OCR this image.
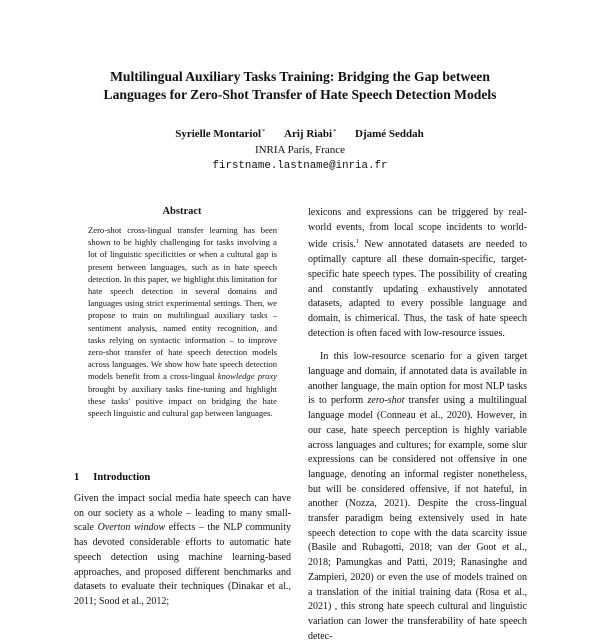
Multilingual Auxiliary Tasks Training: Bridging the Gap between
Languages for Zero-Shot Transfer of Hate Speech Detection Models
Syrielle Montariol* Arij Riabi* Djamé Seddah
INRIA Paris, France
firstname.lastname@inria.fr
Abstract
Zero-shot cross-lingual transfer learning has been shown to be highly challenging for tasks involving a lot of linguistic specificities or when a cultural gap is present between languages, such as in hate speech detection. In this paper, we highlight this limitation for hate speech detection in several domains and languages using strict experimental settings. Then, we propose to train on multilingual auxiliary tasks – sentiment analysis, named entity recognition, and tasks relying on syntactic information – to improve zero-shot transfer of hate speech detection models across languages. We show how hate speech detection models benefit from a cross-lingual knowledge proxy brought by auxiliary tasks fine-tuning and highlight these tasks' positive impact on bridging the hate speech linguistic and cultural gap between languages.
1 Introduction
Given the impact social media hate speech can have on our society as a whole – leading to many small-scale Overton window effects – the NLP community has devoted considerable efforts to automatic hate speech detection using machine learning-based approaches, and proposed different benchmarks and datasets to evaluate their techniques (Dinakar et al., 2011; Sood et al., 2012;

lexicons and expressions can be triggered by real-world events, from local scope incidents to world-wide crisis.$^1$ New annotated datasets are needed to optimally capture all these domain-specific, target-specific hate speech types. The possibility of creating and constantly updating exhaustively annotated datasets, adapted to every possible language and domain, is chimerical. Thus, the task of hate speech detection is often faced with low-resource issues.

In this low-resource scenario for a given target language and domain, if annotated data is available in another language, the main option for most NLP tasks is to perform zero-shot transfer using a multilingual language model (Conneau et al., 2020). However, in our case, hate speech perception is highly variable across languages and cultures; for example, some slur expressions can be considered not offensive in one language, denoting an informal register nonetheless, but will be considered offensive, if not hateful, in another (Nozza, 2021). Despite the cross-lingual transfer paradigm being extensively used in hate speech detection to cope with the data scarcity issue (Basile and Rubagotti, 2018; van der Goot et al., 2018; Pamungkas and Patti, 2019; Ranasinghe and Zampieri, 2020) or even the use of models trained on a translation of the initial training data (Rosa et al., 2021) , this strong hate speech cultural and linguistic variation can lower the transferability of hate speech detec-
